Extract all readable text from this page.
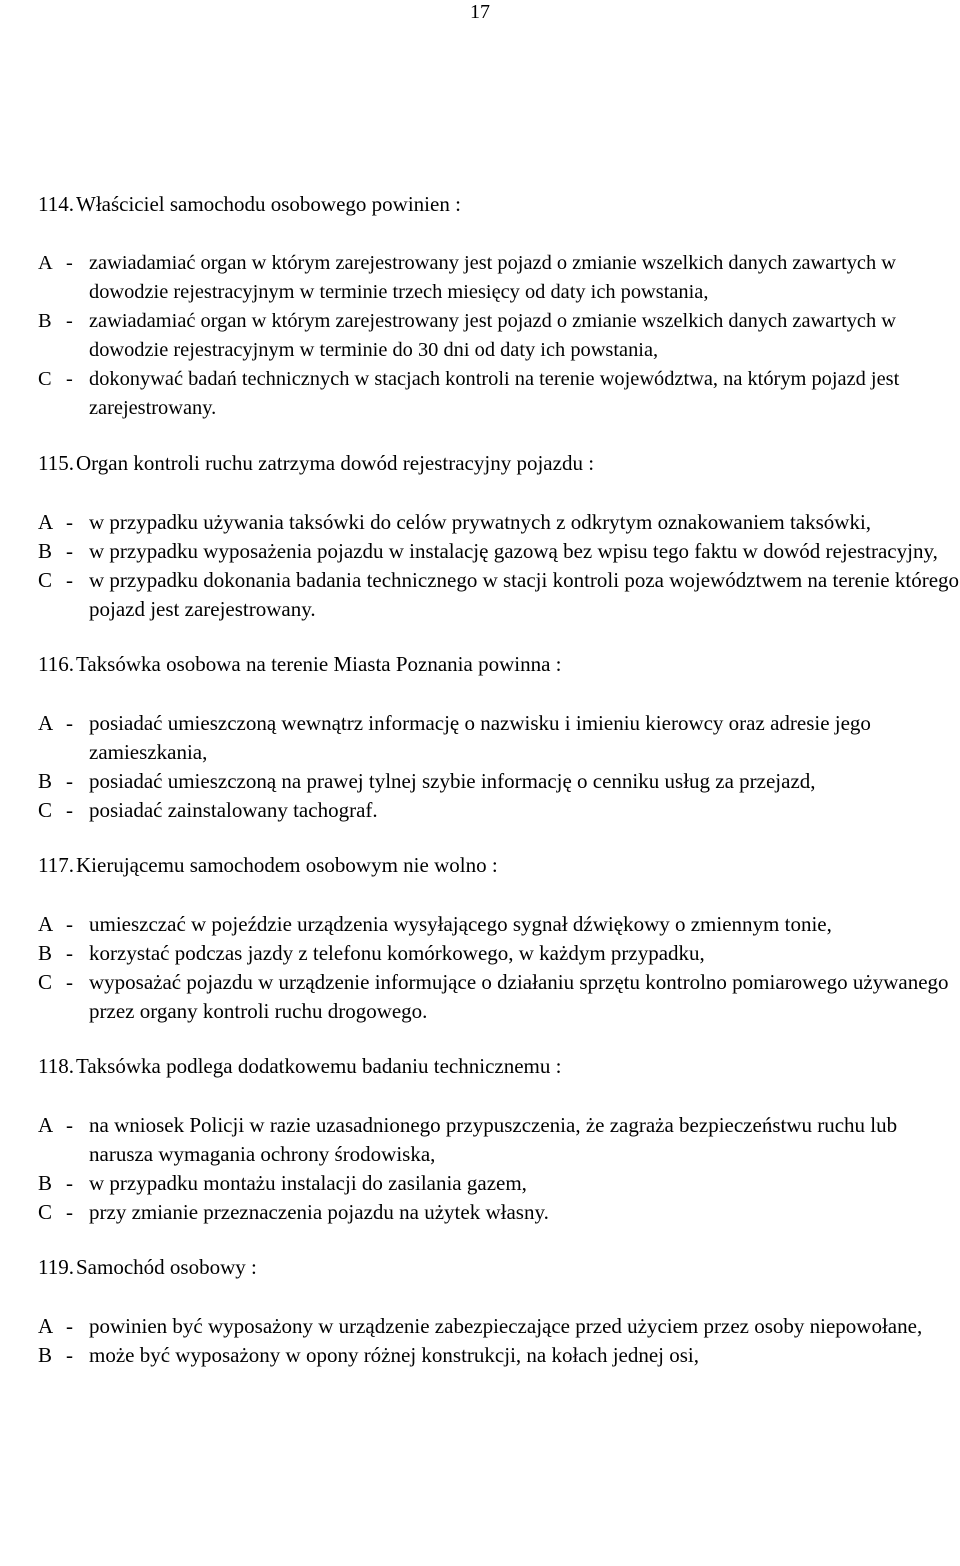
17
114.Właściciel samochodu osobowego powinien :
A - zawiadamiać organ w którym zarejestrowany jest pojazd o zmianie wszelkich danych zawartych w dowodzie rejestracyjnym w terminie trzech miesięcy od daty ich powstania,
B - zawiadamiać organ w którym zarejestrowany jest pojazd o zmianie wszelkich danych zawartych w dowodzie rejestracyjnym w terminie do 30 dni od daty ich powstania,
C - dokonywać badań technicznych w stacjach kontroli na terenie województwa, na którym pojazd jest zarejestrowany.
115.Organ kontroli ruchu zatrzyma dowód rejestracyjny pojazdu :
A - w przypadku używania taksówki do celów prywatnych z odkrytym oznakowaniem taksówki,
B - w przypadku wyposażenia pojazdu w instalację gazową bez wpisu tego faktu w dowód rejestracyjny,
C - w przypadku dokonania badania technicznego w stacji kontroli poza województwem na terenie którego pojazd jest zarejestrowany.
116.Taksówka osobowa na terenie Miasta Poznania powinna :
A - posiadać umieszczoną wewnątrz informację o nazwisku i imieniu kierowcy oraz adresie jego zamieszkania,
B - posiadać umieszczoną na prawej tylnej szybie informację o cenniku usług za przejazd,
C - posiadać zainstalowany tachograf.
117.Kierującemu samochodem osobowym nie wolno :
A - umieszczać w pojeździe urządzenia wysyłającego sygnał dźwiękowy o zmiennym tonie,
B - korzystać podczas jazdy z telefonu komórkowego, w każdym przypadku,
C - wyposażać pojazdu w urządzenie informujące o działaniu sprzętu kontrolno pomiarowego używanego przez organy kontroli ruchu drogowego.
118.Taksówka podlega dodatkowemu badaniu technicznemu :
A - na wniosek Policji w razie uzasadnionego przypuszczenia, że zagraża bezpieczeństwu ruchu lub narusza wymagania ochrony środowiska,
B - w przypadku montażu instalacji do zasilania gazem,
C - przy zmianie przeznaczenia pojazdu na użytek własny.
119.Samochód osobowy :
A - powinien być wyposażony w urządzenie zabezpieczające przed użyciem przez osoby niepowołane,
B - może być wyposażony w opony różnej konstrukcji, na kołach jednej osi,
